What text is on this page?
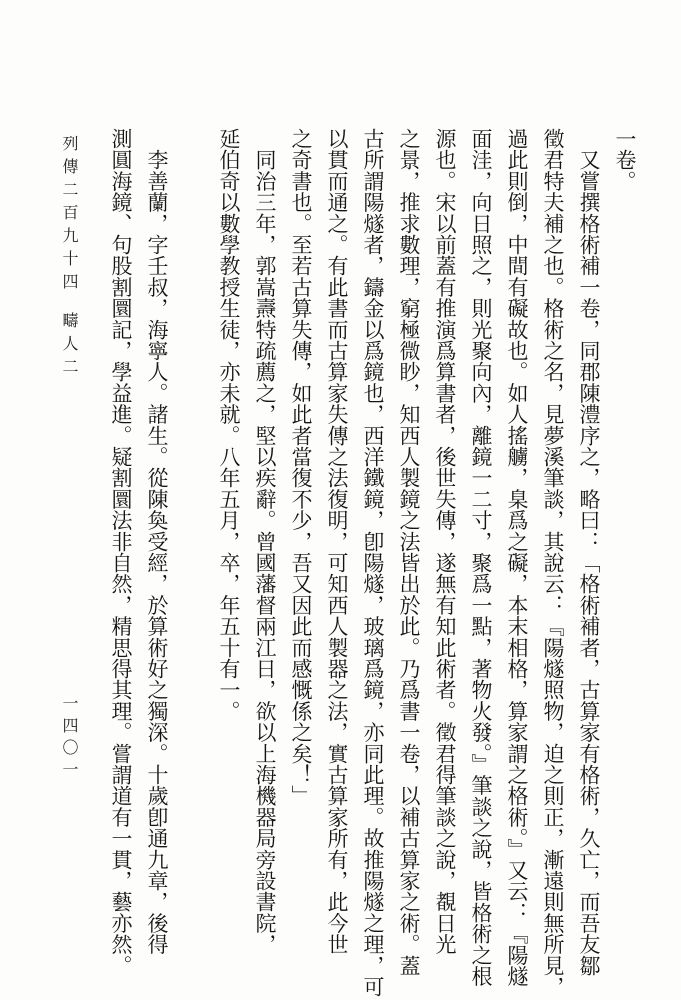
一卷。
　又嘗撰格術補一卷，同郡陳澧序之，略曰：「格術補者，古算家有格術，久亡，而吾友鄒
徵君特夫補之也。格術之名，見夢溪筆談，其說云：『陽燧照物，迫之則正，漸遠則無所見，
過此則倒，中間有礙故也。如人搖艣，臬爲之礙，本末相格，算家謂之格術。』又云：『陽燧
面洼，向日照之，則光聚向內，離鏡一二寸，聚爲一點，著物火發。』筆談之說，皆格術之根
源也。宋以前蓋有推演爲算書者，後世失傳，遂無有知此術者。徵君得筆談之說，覩日光
之景，推求數理，窮極微眇，知西人製鏡之法皆出於此。乃爲書一卷，以補古算家之術。蓋
古所謂陽燧者，鑄金以爲鏡也，西洋鐵鏡，卽陽燧，玻璃爲鏡，亦同此理。故推陽燧之理，可
以貫而通之。有此書而古算家失傳之法復明，可知西人製器之法，實古算家所有，此今世
之奇書也。至若古算失傳，如此者當復不少，吾又因此而感慨係之矣！」
　同治三年，郭嵩燾特疏薦之，堅以疾辭。曾國藩督兩江日，欲以上海機器局旁設書院，
延伯奇以數學教授生徒，亦未就。八年五月，卒，年五十有一。
　李善蘭，字壬叔，海寧人。諸生。從陳奐受經，於算術好之獨深。十歲卽通九章，後得
測圓海鏡、句股割圜記，學益進。疑割圜法非自然，精思得其理。嘗謂道有一貫，藝亦然。
列傳二百九十四疇人二
一四〇一
